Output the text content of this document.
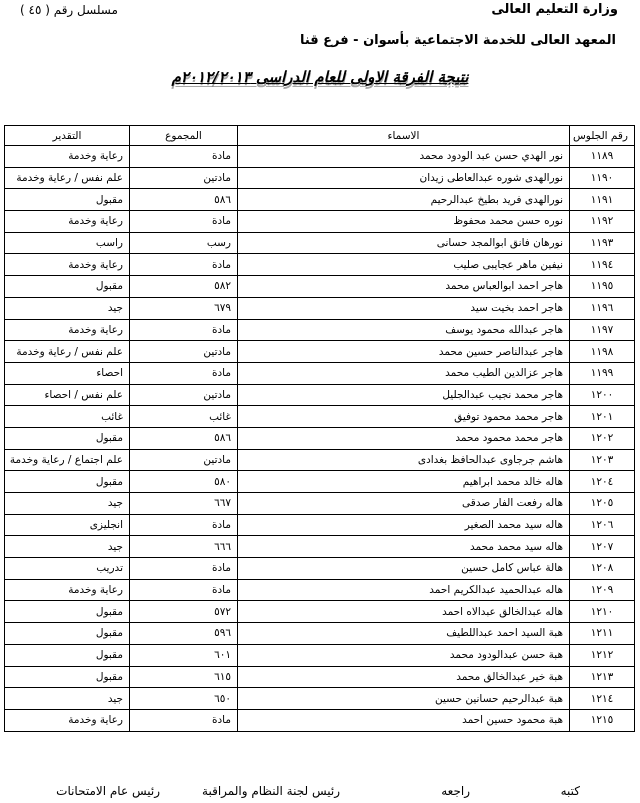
وزارة التعليم العالى
مسلسل رقم ( ٤٥ )
المعهد العالى للخدمة الاجتماعية بأسوان - فرع قنا
نتيجة الفرقة الاولى للعام الدراسى ٢٠١٢/٢٠١٣م
رقم الجلوس	الاسماء	المجموع	التقدير
١١٨٩	نور الهدي حسن عبد الودود محمد	مادة	رعاية وخدمة
١١٩٠	نورالهدى شوره عبدالعاطى زيدان	مادتين	علم نفس / رعاية وخدمة
١١٩١	نورالهدى فريد بطيخ عبدالرحيم	٥٨٦	مقبول
١١٩٢	نوره حسن محمد محفوظ	مادة	رعاية وخدمة
١١٩٣	نورهان فانق ابوالمجد حسانى	رسب	راسب
١١٩٤	نيفين ماهر عجايبى صليب	مادة	رعاية وخدمة
١١٩٥	هاجر احمد ابوالعباس محمد	٥٨٢	مقبول
١١٩٦	هاجر احمد بخيت سيد	٦٧٩	جيد
١١٩٧	هاجر عبدالله محمود يوسف	مادة	رعاية وخدمة
١١٩٨	هاجر عبدالناصر حسين محمد	مادتين	علم نفس / رعاية وخدمة
١١٩٩	هاجر عزالدين الطيب محمد	مادة	احصاء
١٢٠٠	هاجر محمد نجيب عبدالجليل	مادتين	علم نفس / احصاء
١٢٠١	هاجر محمد محمود توفيق	غائب	غائب
١٢٠٢	هاجر محمد محمود محمد	٥٨٦	مقبول
١٢٠٣	هاشم جرجاوى عبدالحافظ بغدادى	مادتين	علم اجتماع / رعاية وخدمة
١٢٠٤	هاله خالد محمد ابراهيم	٥٨٠	مقبول
١٢٠٥	هاله رفعت الفار صدقى	٦٦٧	جيد
١٢٠٦	هاله سيد محمد الصغير	مادة	انجليزى
١٢٠٧	هاله سيد محمد محمد	٦٦٦	جيد
١٢٠٨	هالة عباس كامل حسين	مادة	تدريب
١٢٠٩	هاله عبدالحميد عبدالكريم احمد	مادة	رعاية وخدمة
١٢١٠	هاله عبدالخالق عبدالاه احمد	٥٧٢	مقبول
١٢١١	هبة السيد احمد عبداللطيف	٥٩٦	مقبول
١٢١٢	هبة حسن عبدالودود محمد	٦٠١	مقبول
١٢١٣	هبة خير عبدالخالق محمد	٦١٥	مقبول
١٢١٤	هبة عبدالرحيم حسانين حسين	٦٥٠	جيد
١٢١٥	هبة محمود حسين احمد	مادة	رعاية وخدمة
كتبه
راجعه
رئيس لجنة النظام والمراقبة
رئيس عام الامتحانات
